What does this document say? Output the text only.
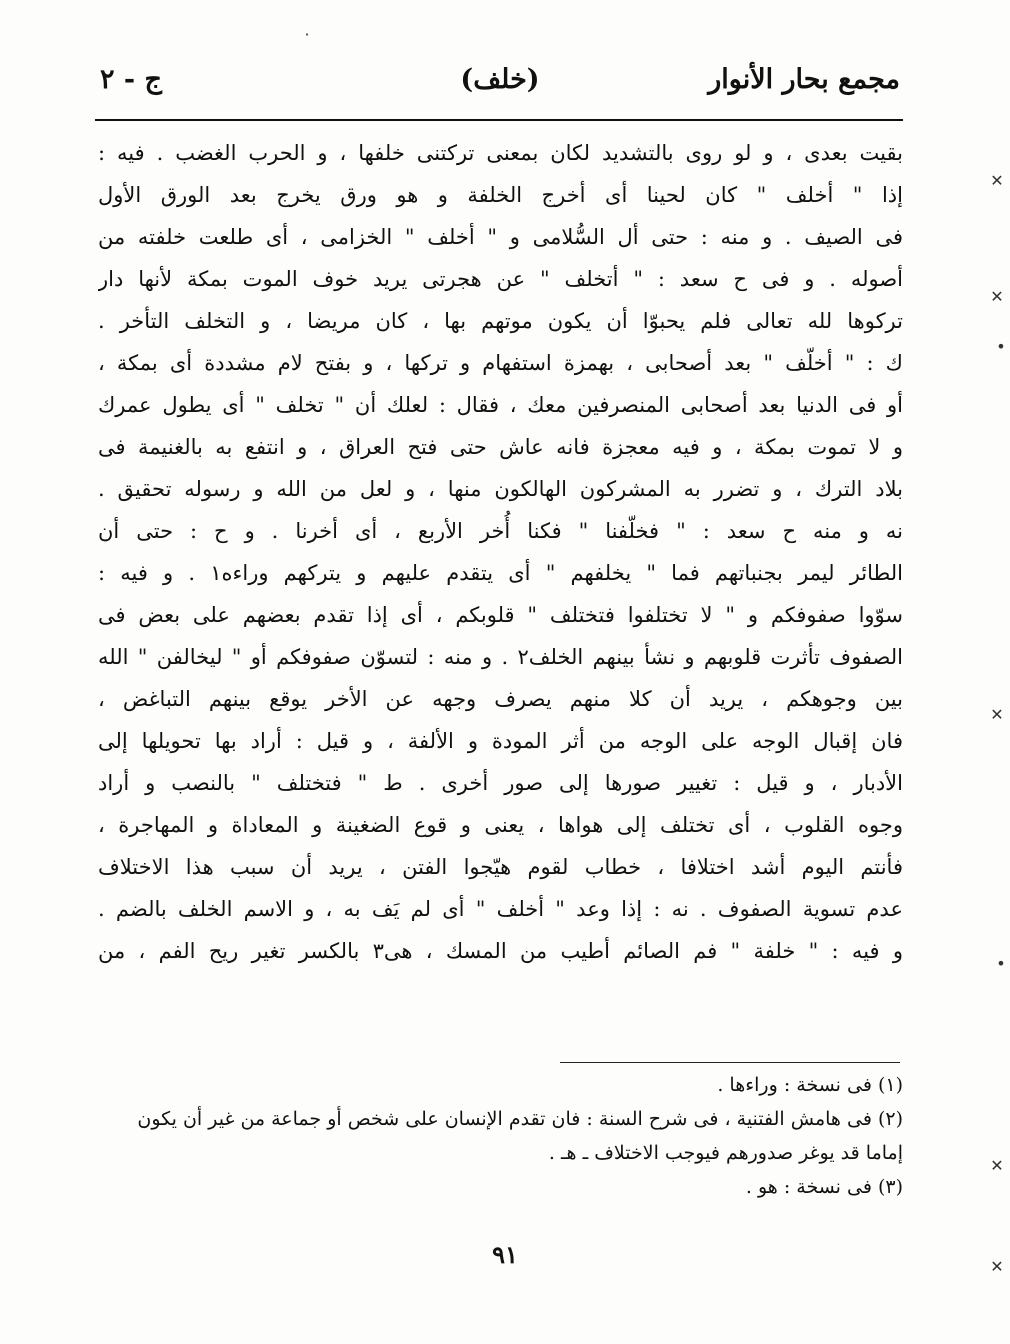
مجمع بحار الأنوار
(خلف)
ج - ٢
بقيت بعدى ، و لو روى بالتشديد لكان بمعنى تركتنى خلفها ، و الحرب الغضب . فيه :
إذا " أخلف " كان لحينا أى أخرج الخلفة و هو ورق يخرج بعد الورق الأول
فى الصيف . و منه : حتى أل السُّلامى و " أخلف " الخزامى ، أى طلعت خلفته من
أصوله . و فى ح سعد : " أتخلف " عن هجرتى يريد خوف الموت بمكة لأنها دار
تركوها لله تعالى فلم يحبوّا أن يكون موتهم بها ، كان مريضا ، و التخلف التأخر .
ك : " أخلّف " بعد أصحابى ، بهمزة استفهام و تركها ، و بفتح لام مشددة أى بمكة ،
أو فى الدنيا بعد أصحابى المنصرفين معك ، فقال : لعلك أن " تخلف " أى يطول عمرك
و لا تموت بمكة ، و فيه معجزة فانه عاش حتى فتح العراق ، و انتفع به بالغنيمة فى
بلاد الترك ، و تضرر به المشركون الهالكون منها ، و لعل من الله و رسوله تحقيق .
نه و منه ح سعد : " فخلّفنا " فكنا أُخر الأربع ، أى أخرنا . و ح : حتى أن
الطائر ليمر بجنباتهم فما " يخلفهم " أى يتقدم عليهم و يتركهم وراءه١ . و فيه :
سوّوا صفوفكم و " لا تختلفوا فتختلف " قلوبكم ، أى إذا تقدم بعضهم على بعض فى
الصفوف تأثرت قلوبهم و نشأ بينهم الخلف٢ . و منه : لتسوّن صفوفكم أو " ليخالفن " الله
بين وجوهكم ، يريد أن كلا منهم يصرف وجهه عن الأخر يوقع بينهم التباغض ،
فان إقبال الوجه على الوجه من أثر المودة و الألفة ، و قيل : أراد بها تحويلها إلى
الأدبار ، و قيل : تغيير صورها إلى صور أخرى . ط " فتختلف " بالنصب و أراد
وجوه القلوب ، أى تختلف إلى هواها ، يعنى و قوع الضغينة و المعاداة و المهاجرة ،
فأنتم اليوم أشد اختلافا ، خطاب لقوم هيّجوا الفتن ، يريد أن سبب هذا الاختلاف
عدم تسوية الصفوف . نه : إذا وعد " أخلف " أى لم يَف به ، و الاسم الخلف بالضم .
و فيه : " خلفة " فم الصائم أطيب من المسك ، هى٣ بالكسر تغير ريح الفم ، من
(١) فى نسخة : وراءها .
(٢) فى هامش الفتنية ، فى شرح السنة : فان تقدم الإنسان على شخص أو جماعة من غير أن يكون
إماما قد يوغر صدورهم فيوجب الاختلاف ـ هـ .
(٣) فى نسخة : هو .
٩١
✕
✕
•
✕
•
✕
✕
·
